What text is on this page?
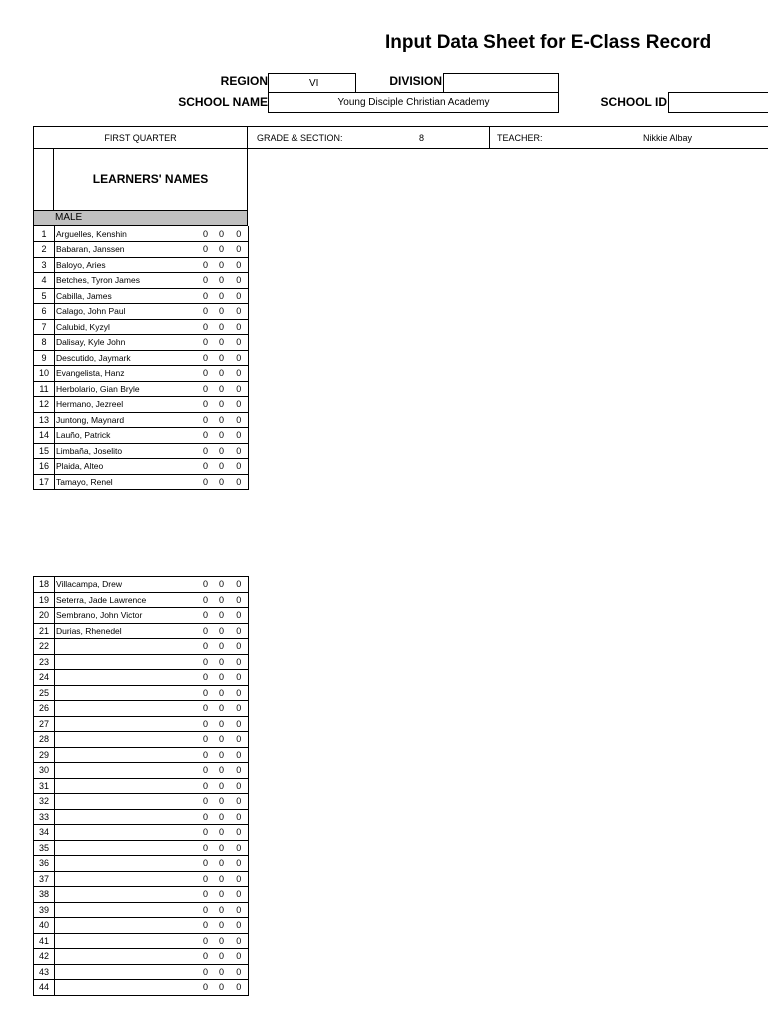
Input Data Sheet for E-Class Record
REGION	VI	DIVISION
SCHOOL NAME	Young Disciple Christian Academy	SCHOOL ID
FIRST QUARTER	GRADE & SECTION:	8	TEACHER:	Nikkie Albay
LEARNERS' NAMES
MALE
1	Arguelles, Kenshin	0	0	0
2	Babaran, Janssen	0	0	0
3	Baloyo, Aries	0	0	0
4	Betches, Tyron James	0	0	0
5	Cabilla, James	0	0	0
6	Calago, John Paul	0	0	0
7	Calubid, Kyzyl	0	0	0
8	Dalisay, Kyle John	0	0	0
9	Descutido, Jaymark	0	0	0
10	Evangelista, Hanz	0	0	0
11	Herbolario, Gian Bryle	0	0	0
12	Hermano, Jezreel	0	0	0
13	Juntong, Maynard	0	0	0
14	Lauño, Patrick	0	0	0
15	Limbaña, Joselito	0	0	0
16	Plaida, Alteo	0	0	0
17	Tamayo, Renel	0	0	0
18	Villacampa, Drew	0	0	0
19	Seterra, Jade Lawrence	0	0	0
20	Sembrano, John Victor	0	0	0
21	Durias, Rhenedel	0	0	0
22		0	0	0
23		0	0	0
24		0	0	0
25		0	0	0
26		0	0	0
27		0	0	0
28		0	0	0
29		0	0	0
30		0	0	0
31		0	0	0
32		0	0	0
33		0	0	0
34		0	0	0
35		0	0	0
36		0	0	0
37		0	0	0
38		0	0	0
39		0	0	0
40		0	0	0
41		0	0	0
42		0	0	0
43		0	0	0
44		0	0	0
